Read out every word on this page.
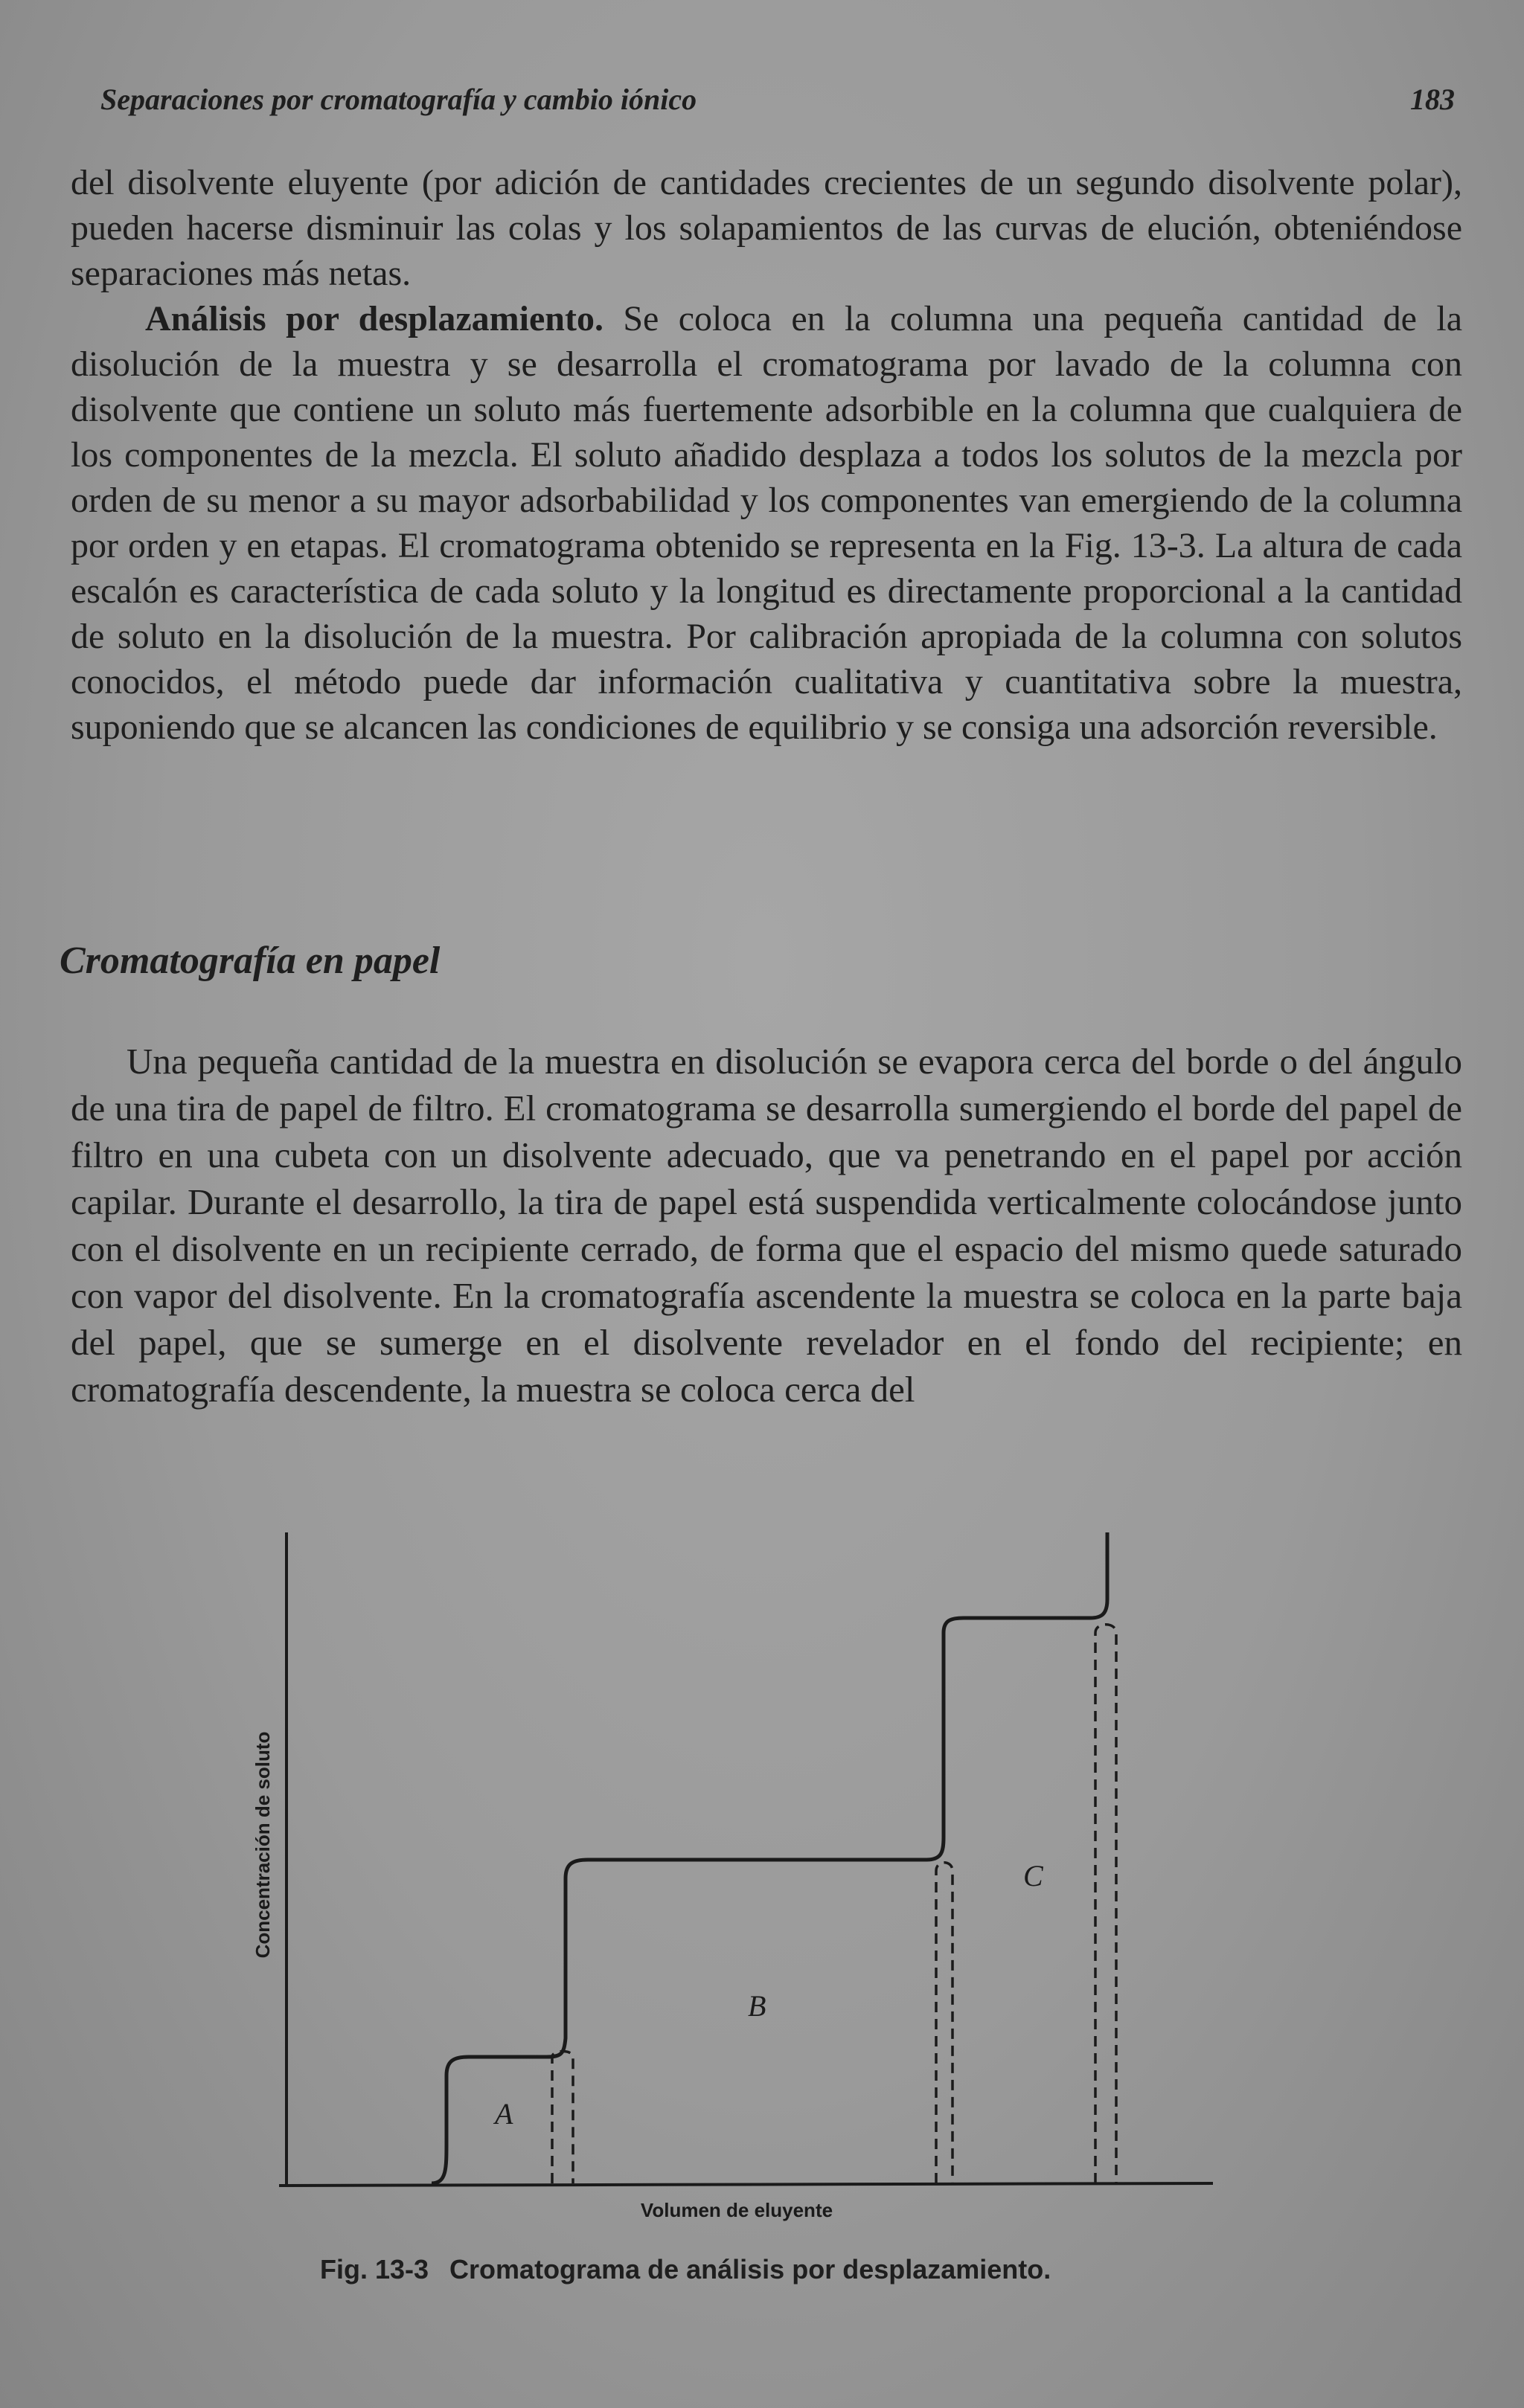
Separaciones por cromatografía y cambio iónico	183

del disolvente eluyente (por adición de cantidades crecientes de un segundo disolvente polar), pueden hacerse disminuir las colas y los solapamientos de las curvas de elución, obteniéndose separaciones más netas.

Análisis por desplazamiento. Se coloca en la columna una pequeña cantidad de la disolución de la muestra y se desarrolla el cromatograma por lavado de la columna con disolvente que contiene un soluto más fuertemente adsorbible en la columna que cualquiera de los componentes de la mezcla. El soluto añadido desplaza a todos los solutos de la mezcla por orden de su menor a su mayor adsorbabilidad y los componentes van emergiendo de la columna por orden y en etapas. El cromatograma obtenido se representa en la Fig. 13-3. La altura de cada escalón es característica de cada soluto y la longitud es directamente proporcional a la cantidad de soluto en la disolución de la muestra. Por calibración apropiada de la columna con solutos conocidos, el método puede dar información cualitativa y cuantitativa sobre la muestra, suponiendo que se alcancen las condiciones de equilibrio y se consiga una adsorción reversible.

Cromatografía en papel

Una pequeña cantidad de la muestra en disolución se evapora cerca del borde o del ángulo de una tira de papel de filtro. El cromatograma se desarrolla sumergiendo el borde del papel de filtro en una cubeta con un disolvente adecuado, que va penetrando en el papel por acción capilar. Durante el desarrollo, la tira de papel está suspendida verticalmente colocándose junto con el disolvente en un recipiente cerrado, de forma que el espacio del mismo quede saturado con vapor del disolvente. En la cromatografía ascendente la muestra se coloca en la parte baja del papel, que se sumerge en el disolvente revelador en el fondo del recipiente; en cromatografía descendente, la muestra se coloca cerca del

A
B
C
Concentración de soluto
Volumen de eluyente
Fig. 13-3 Cromatograma de análisis por desplazamiento.
